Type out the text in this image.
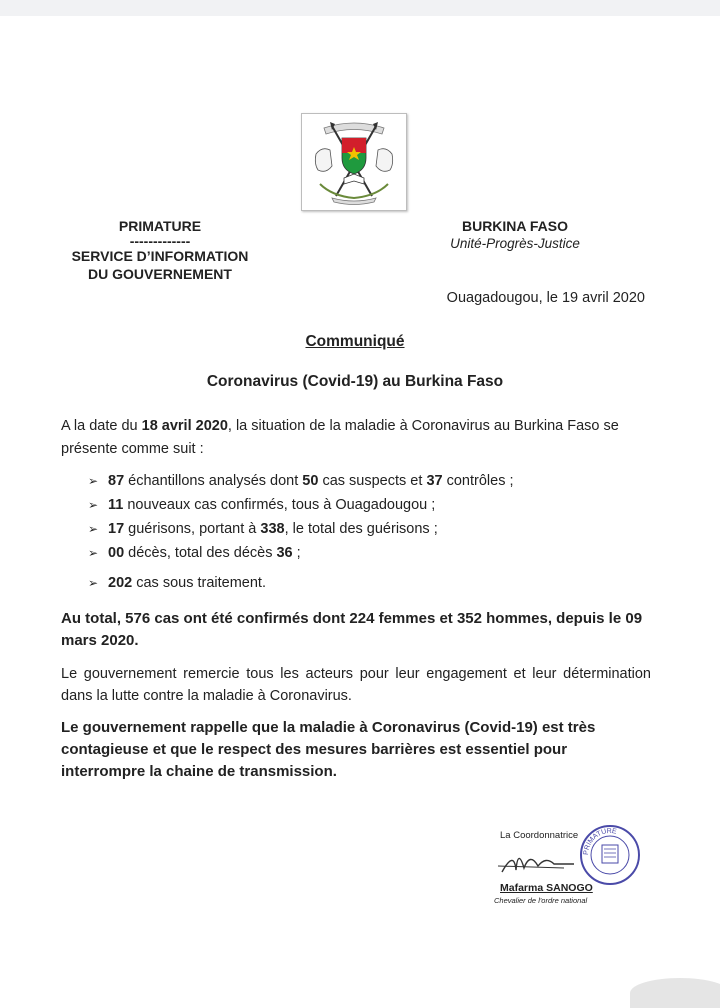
PRIMATURE
-------------
SERVICE D’INFORMATION
DU GOUVERNEMENT
BURKINA FASO
Unité-Progrès-Justice
Ouagadougou, le 19 avril 2020
Communiqué
Coronavirus (Covid-19) au Burkina Faso
A la date du 18 avril 2020, la situation de la maladie à Coronavirus au Burkina Faso se présente comme suit :
➢ 87 échantillons analysés dont 50 cas suspects et 37 contrôles ;
➢ 11 nouveaux cas confirmés, tous à Ouagadougou ;
➢ 17 guérisons, portant à 338, le total des guérisons ;
➢ 00 décès, total des décès 36 ;
➢ 202 cas sous traitement.
Au total, 576 cas ont été confirmés dont 224 femmes et 352 hommes, depuis le 09 mars 2020.
Le gouvernement remercie tous les acteurs pour leur engagement et leur détermination dans la lutte contre la maladie à Coronavirus.
Le gouvernement rappelle que la maladie à Coronavirus (Covid-19) est très contagieuse et que le respect des mesures barrières est essentiel pour interrompre la chaine de transmission.
La Coordonnatrice
PRIMATURE
Mafarma SANOGO
Chevalier de l'ordre national
